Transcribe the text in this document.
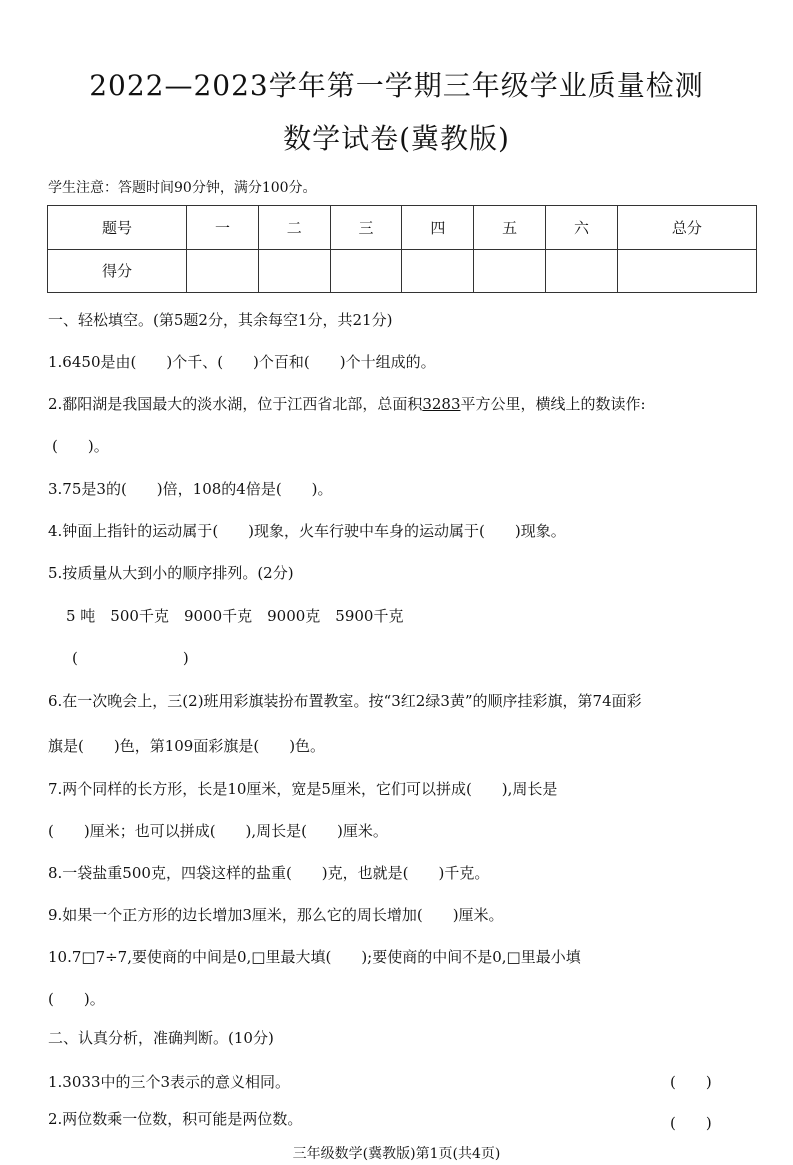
2022—2023学年第一学期三年级学业质量检测
数学试卷(冀教版)
学生注意：答题时间90分钟，满分100分。
题号	一	二	三	四	五	六	总分
得分							
一、轻松填空。(第5题2分，其余每空1分，共21分)
1.6450是由(　　)个千、(　　)个百和(　　)个十组成的。
2.鄱阳湖是我国最大的淡水湖，位于江西省北部，总面积3283平方公里，横线上的数读作:
(　　)。
3.75是3的(　　)倍，108的4倍是(　　)。
4.钟面上指针的运动属于(　　)现象，火车行驶中车身的运动属于(　　)现象。
5.按质量从大到小的顺序排列。(2分)
5 吨　500千克　9000千克　9000克　5900千克
(　　　　　　　)
6.在一次晚会上，三(2)班用彩旗装扮布置教室。按“3红2绿3黄”的顺序挂彩旗，第74面彩
旗是(　　)色，第109面彩旗是(　　)色。
7.两个同样的长方形，长是10厘米，宽是5厘米，它们可以拼成(　　),周长是
(　　)厘米；也可以拼成(　　),周长是(　　)厘米。
8.一袋盐重500克，四袋这样的盐重(　　)克，也就是(　　)千克。
9.如果一个正方形的边长增加3厘米，那么它的周长增加(　　)厘米。
10.7□7÷7,要使商的中间是0,□里最大填(　　);要使商的中间不是0,□里最小填
(　　)。
二、认真分析，准确判断。(10分)
1.3033中的三个3表示的意义相同。	(　　)
2.两位数乘一位数，积可能是两位数。	(　　)
三年级数学(冀教版)第1页(共4页)
